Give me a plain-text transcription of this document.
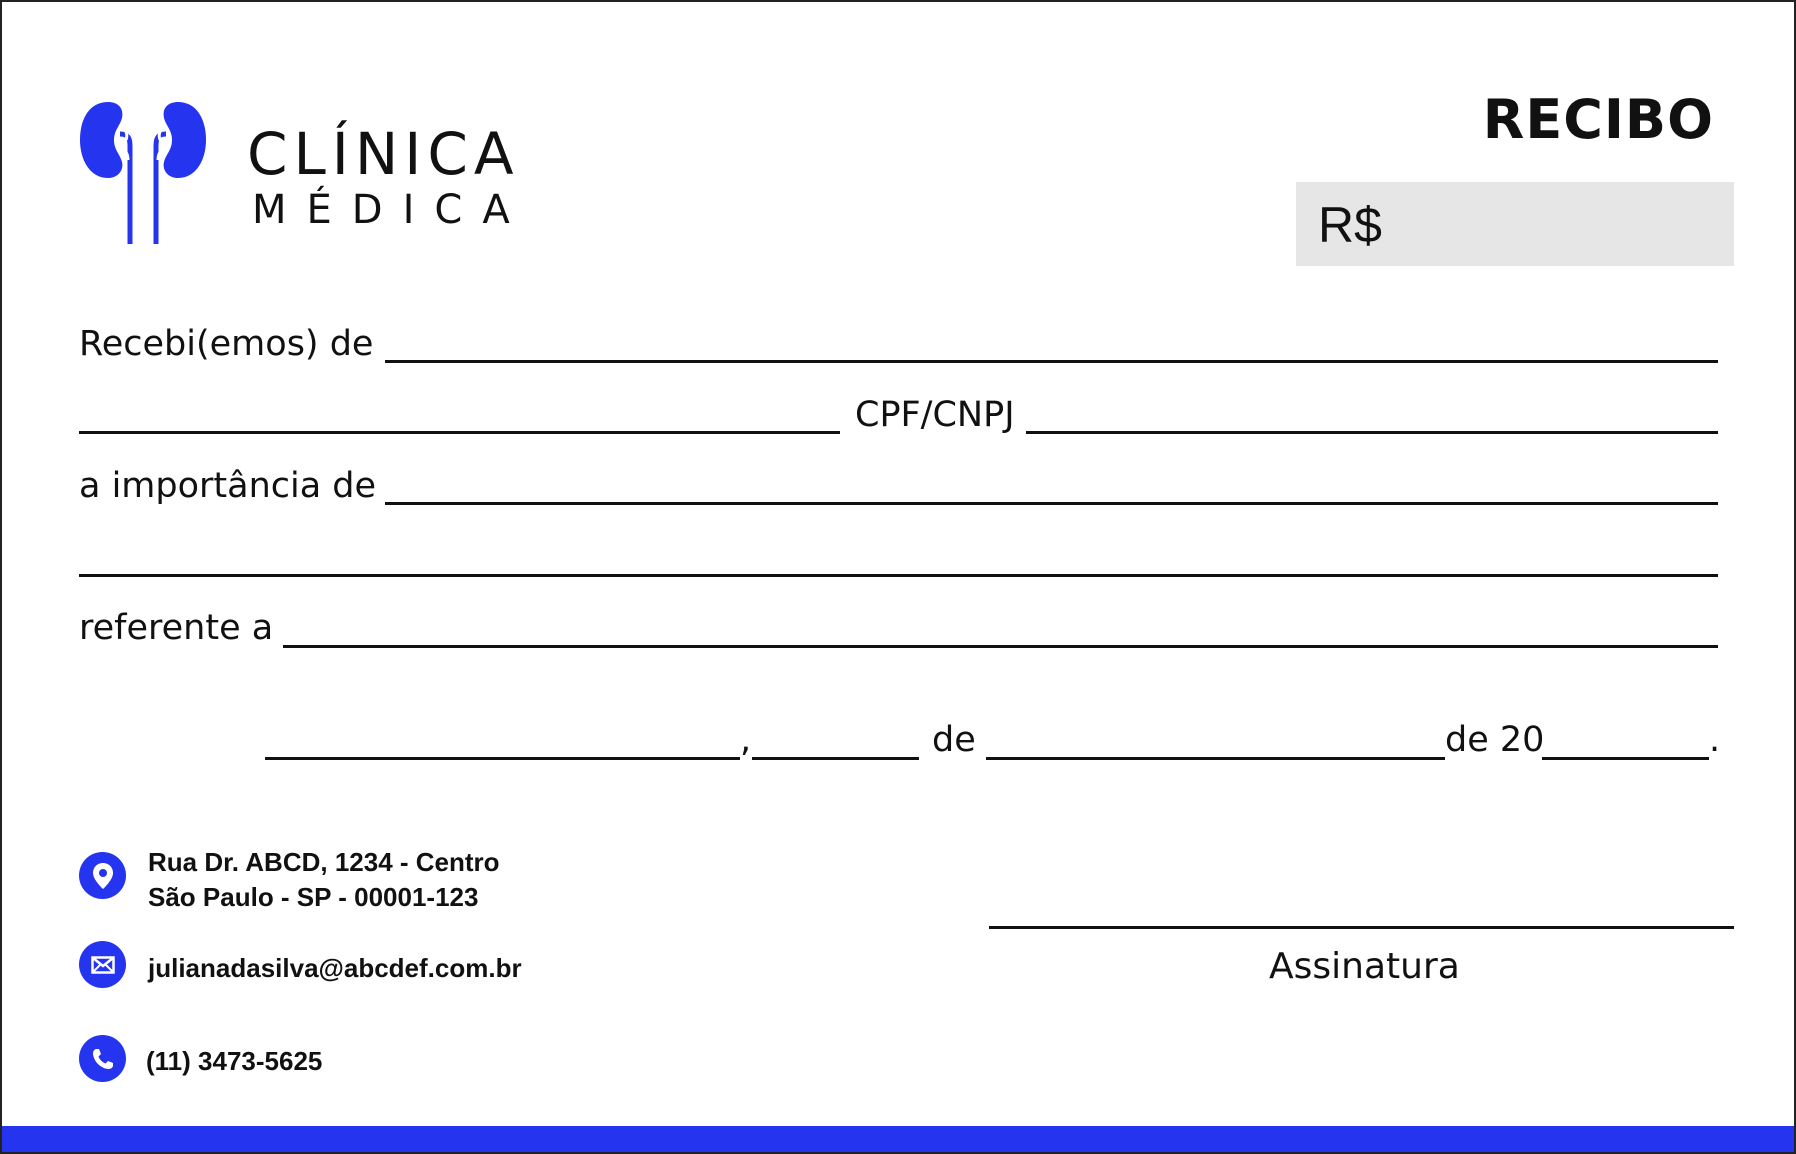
CLÍNICA
MÉDICA
RECIBO
R$
Recebi(emos) de
CPF/CNPJ
a importância de
referente a
,	de	de 20	.
Rua Dr. ABCD, 1234 - Centro
São Paulo - SP - 00001-123
julianadasilva@abcdef.com.br
(11) 3473-5625
Assinatura
